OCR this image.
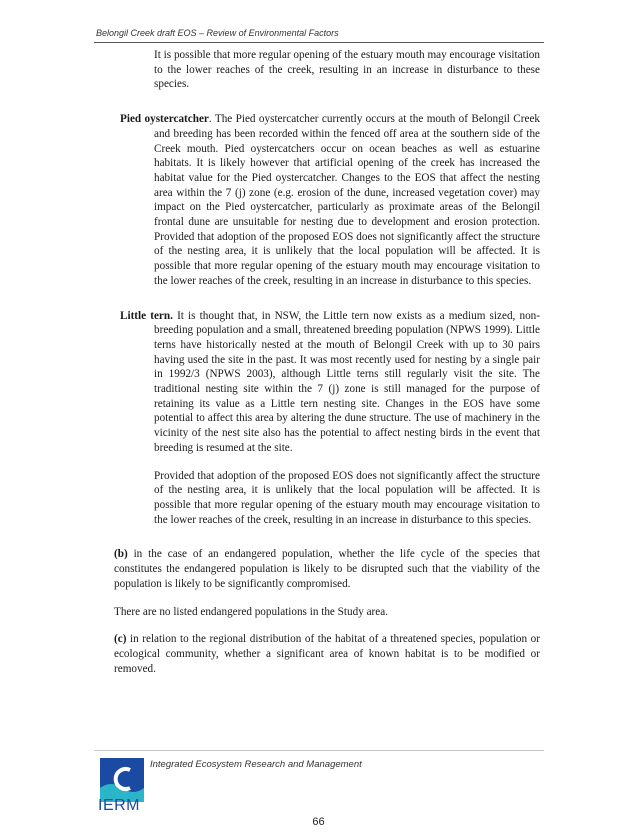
Belongil Creek draft EOS – Review of Environmental Factors

It is possible that more regular opening of the estuary mouth may encourage visitation to the lower reaches of the creek, resulting in an increase in disturbance to these species.

Pied oystercatcher. The Pied oystercatcher currently occurs at the mouth of Belongil Creek and breeding has been recorded within the fenced off area at the southern side of the Creek mouth. Pied oystercatchers occur on ocean beaches as well as estuarine habitats. It is likely however that artificial opening of the creek has increased the habitat value for the Pied oystercatcher. Changes to the EOS that affect the nesting area within the 7 (j) zone (e.g. erosion of the dune, increased vegetation cover) may impact on the Pied oystercatcher, particularly as proximate areas of the Belongil frontal dune are unsuitable for nesting due to development and erosion protection. Provided that adoption of the proposed EOS does not significantly affect the structure of the nesting area, it is unlikely that the local population will be affected. It is possible that more regular opening of the estuary mouth may encourage visitation to the lower reaches of the creek, resulting in an increase in disturbance to this species.

Little tern. It is thought that, in NSW, the Little tern now exists as a medium sized, non-breeding population and a small, threatened breeding population (NPWS 1999). Little terns have historically nested at the mouth of Belongil Creek with up to 30 pairs having used the site in the past. It was most recently used for nesting by a single pair in 1992/3 (NPWS 2003), although Little terns still regularly visit the site. The traditional nesting site within the 7 (j) zone is still managed for the purpose of retaining its value as a Little tern nesting site. Changes in the EOS have some potential to affect this area by altering the dune structure. The use of machinery in the vicinity of the nest site also has the potential to affect nesting birds in the event that breeding is resumed at the site.

Provided that adoption of the proposed EOS does not significantly affect the structure of the nesting area, it is unlikely that the local population will be affected. It is possible that more regular opening of the estuary mouth may encourage visitation to the lower reaches of the creek, resulting in an increase in disturbance to this species.

(b) in the case of an endangered population, whether the life cycle of the species that constitutes the endangered population is likely to be disrupted such that the viability of the population is likely to be significantly compromised.

There are no listed endangered populations in the Study area.

(c) in relation to the regional distribution of the habitat of a threatened species, population or ecological community, whether a significant area of known habitat is to be modified or removed.

IERM
Integrated Ecosystem Research and Management
66
